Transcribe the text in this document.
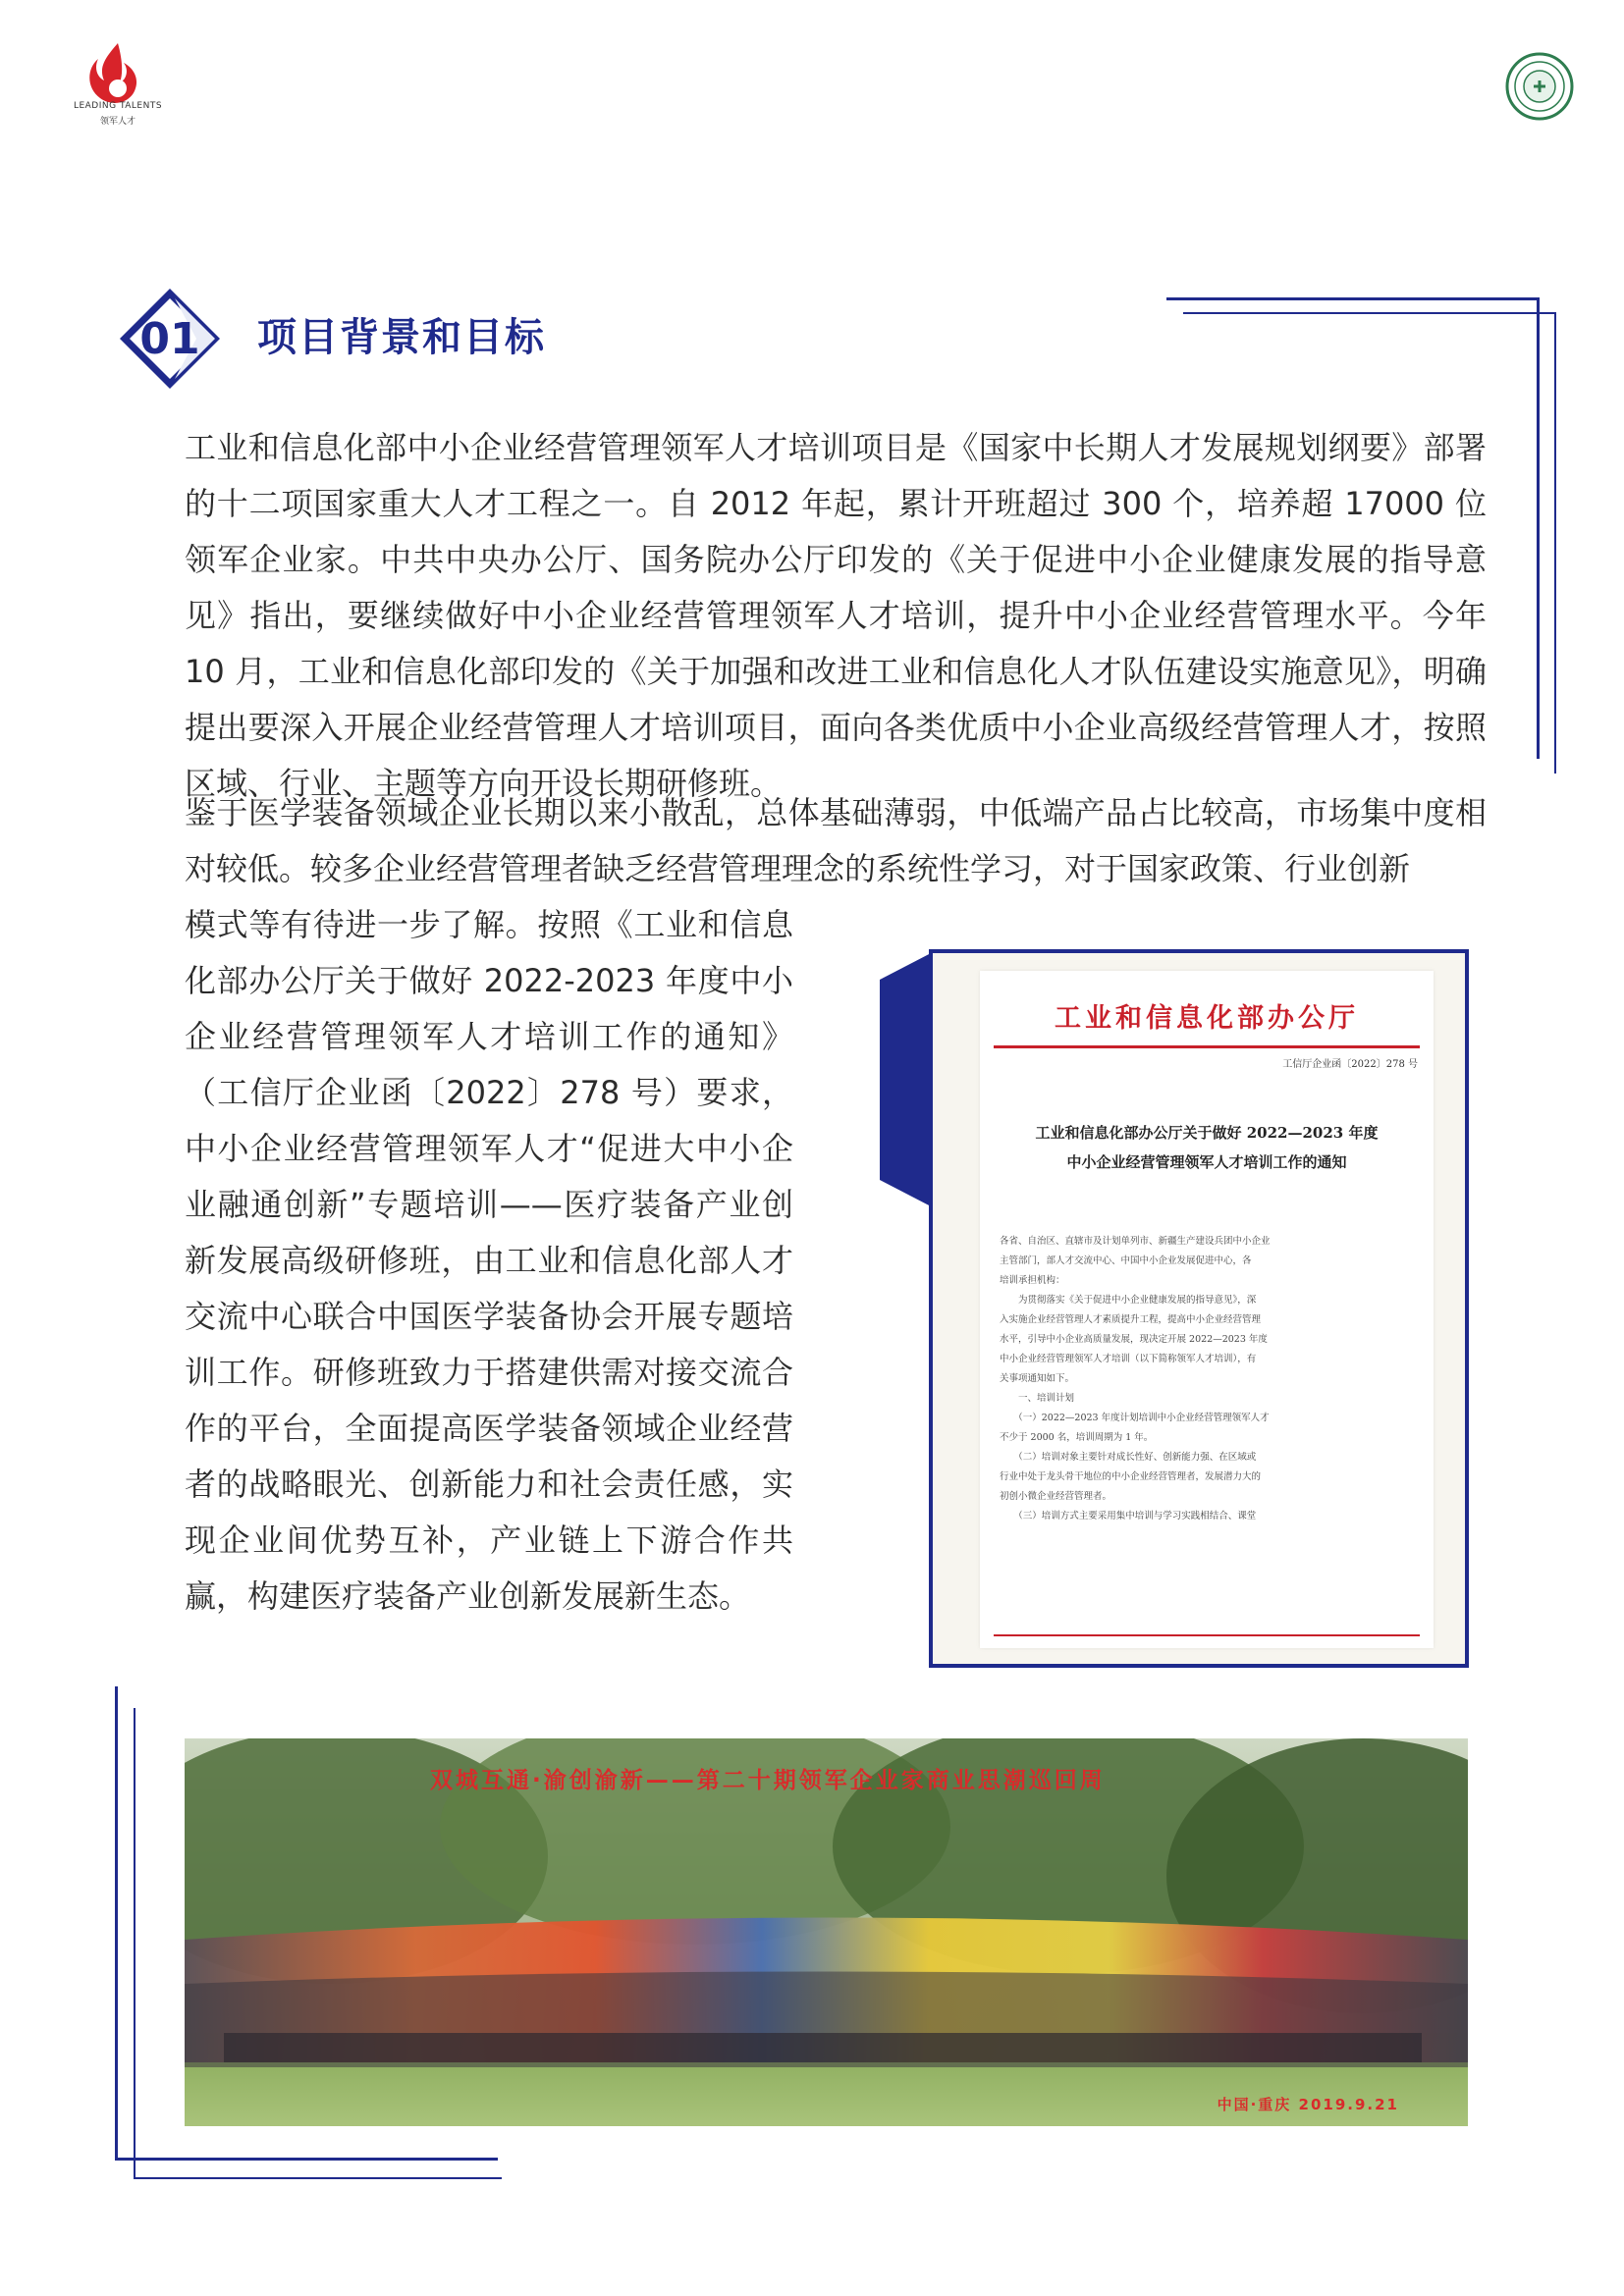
LEADING TALENTS
领军人才
01 项目背景和目标
工业和信息化部中小企业经营管理领军人才培训项目是《国家中长期人才发展规划纲要》部署的十二项国家重大人才工程之一。自 2012 年起，累计开班超过 300 个，培养超 17000 位领军企业家。中共中央办公厅、国务院办公厅印发的《关于促进中小企业健康发展的指导意见》指出，要继续做好中小企业经营管理领军人才培训，提升中小企业经营管理水平。今年 10 月，工业和信息化部印发的《关于加强和改进工业和信息化人才队伍建设实施意见》，明确提出要深入开展企业经营管理人才培训项目，面向各类优质中小企业高级经营管理人才，按照区域、行业、主题等方向开设长期研修班。
鉴于医学装备领域企业长期以来小散乱，总体基础薄弱，中低端产品占比较高，市场集中度相对较低。较多企业经营管理者缺乏经营管理理念的系统性学习，对于国家政策、行业创新
模式等有待进一步了解。按照《工业和信息化部办公厅关于做好 2022-2023 年度中小企业经营管理领军人才培训工作的通知》（工信厅企业函〔2022〕278 号）要求，中小企业经营管理领军人才“促进大中小企业融通创新”专题培训——医疗装备产业创新发展高级研修班，由工业和信息化部人才交流中心联合中国医学装备协会开展专题培训工作。研修班致力于搭建供需对接交流合作的平台，全面提高医学装备领域企业经营者的战略眼光、创新能力和社会责任感，实现企业间优势互补，产业链上下游合作共赢，构建医疗装备产业创新发展新生态。
工业和信息化部办公厅
工信厅企业函〔2022〕278 号
工业和信息化部办公厅关于做好 2022—2023 年度
中小企业经营管理领军人才培训工作的通知
各省、自治区、直辖市及计划单列市、新疆生产建设兵团中小企业
主管部门，部人才交流中心、中国中小企业发展促进中心，各
培训承担机构：
　　为贯彻落实《关于促进中小企业健康发展的指导意见》，深
入实施企业经营管理人才素质提升工程，提高中小企业经营管理
水平，引导中小企业高质量发展，现决定开展 2022—2023 年度
中小企业经营管理领军人才培训（以下简称领军人才培训），有
关事项通知如下。
　　一、培训计划
　　（一）2022—2023 年度计划培训中小企业经营管理领军人才
不少于 2000 名，培训周期为 1 年。
　　（二）培训对象主要针对成长性好、创新能力强、在区域或
行业中处于龙头骨干地位的中小企业经营管理者，发展潜力大的
初创小微企业经营管理者。
　　（三）培训方式主要采用集中培训与学习实践相结合、课堂
双城互通·渝创渝新——第二十期领军企业家商业思潮巡回周
中国·重庆 2019.9.21
